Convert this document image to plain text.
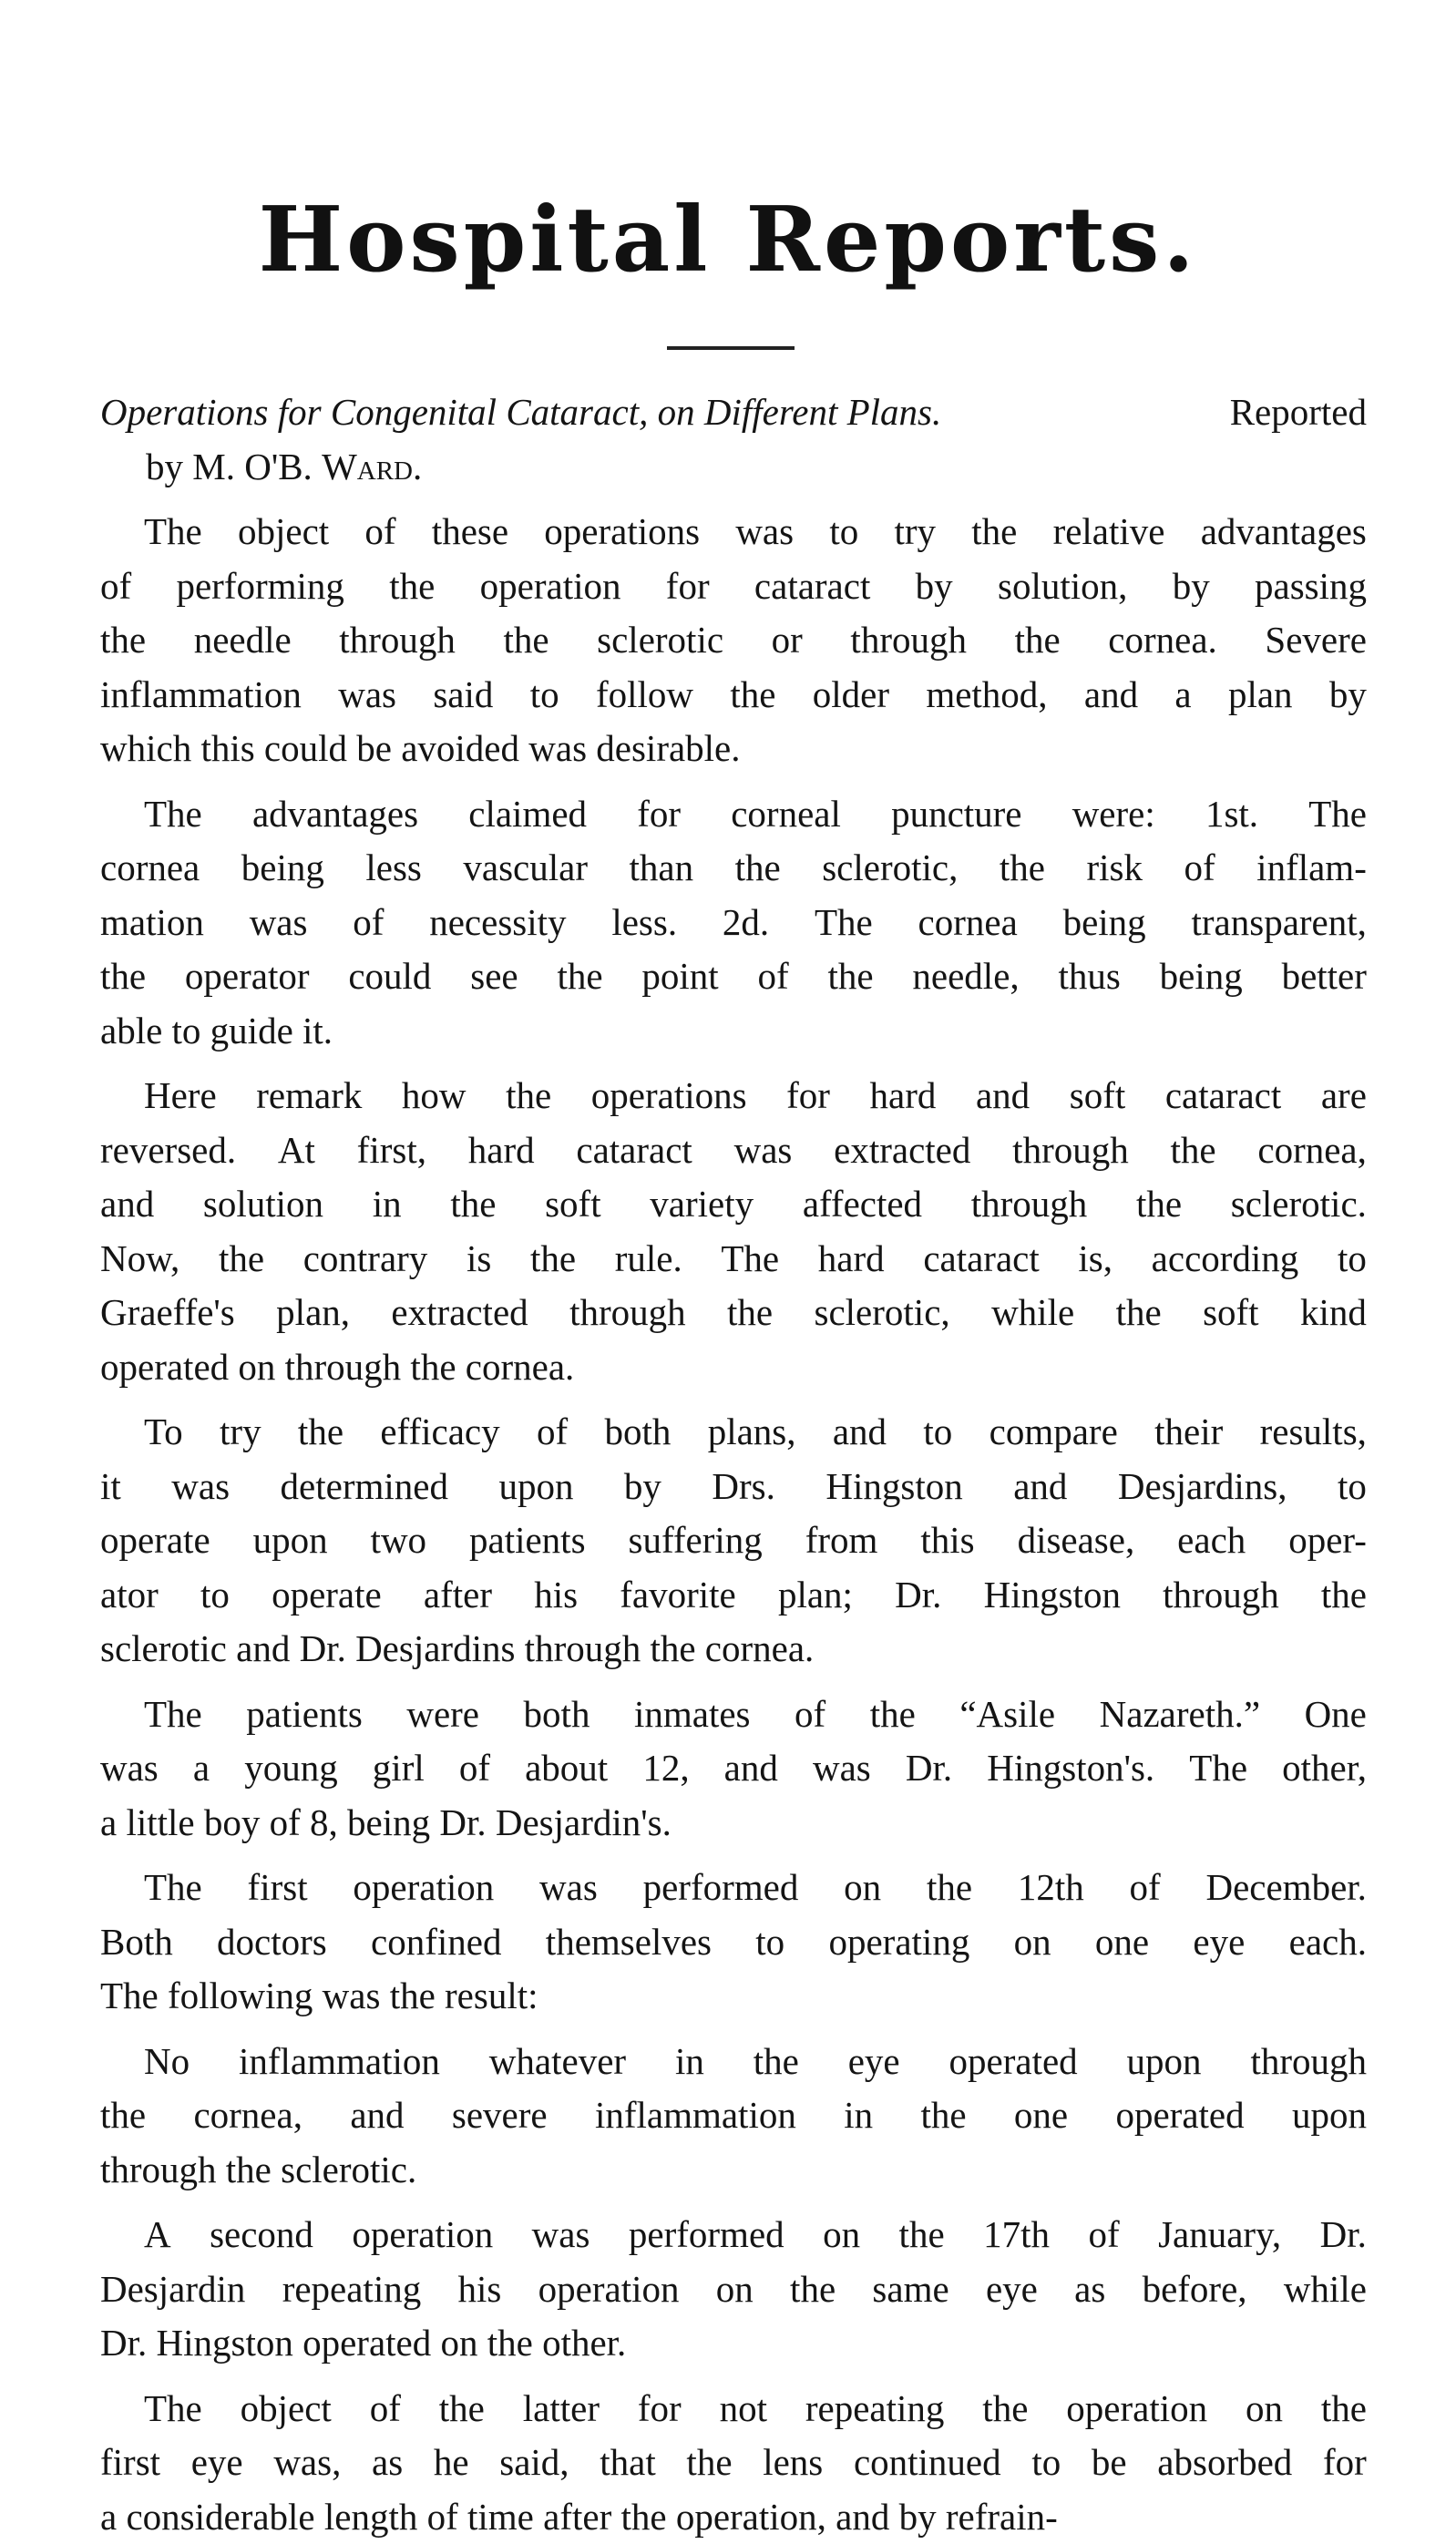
Hospital Reports.
Operations for Congenital Cataract, on Different Plans.	Reported
by M. O'B.
Ward.
The object of these operations was to try the relative advantages
of performing the operation for cataract by solution, by passing
the needle through the sclerotic or through the cornea. Severe
inflammation was said to follow the older method, and a plan by
which this could be avoided was desirable.
The advantages claimed for corneal puncture were: 1st. The
cornea being less vascular than the sclerotic, the risk of inflam-
mation was of necessity less. 2d. The cornea being transparent,
the operator could see the point of the needle, thus being better
able to guide it.
Here remark how the operations for hard and soft cataract are
reversed. At first, hard cataract was extracted through the cornea,
and solution in the soft variety affected through the sclerotic.
Now, the contrary is the rule. The hard cataract is, according to
Graeffe's plan, extracted through the sclerotic, while the soft kind
operated on through the cornea.
To try the efficacy of both plans, and to compare their results,
it was determined upon by Drs. Hingston and Desjardins, to
operate upon two patients suffering from this disease, each oper-
ator to operate after his favorite plan; Dr. Hingston through the
sclerotic and Dr. Desjardins through the cornea.
The patients were both inmates of the “Asile Nazareth.” One
was a young girl of about 12, and was Dr. Hingston's. The other,
a little boy of 8, being Dr. Desjardin's.
The first operation was performed on the 12th of December.
Both doctors confined themselves to operating on one eye each.
The following was the result:
No inflammation whatever in the eye operated upon through
the cornea, and severe inflammation in the one operated upon
through the sclerotic.
A second operation was performed on the 17th of January, Dr.
Desjardin repeating his operation on the same eye as before, while
Dr. Hingston operated on the other.
The object of the latter for not repeating the operation on the
first eye was, as he said, that the lens continued to be absorbed for
a considerable length of time after the operation, and by refrain-
